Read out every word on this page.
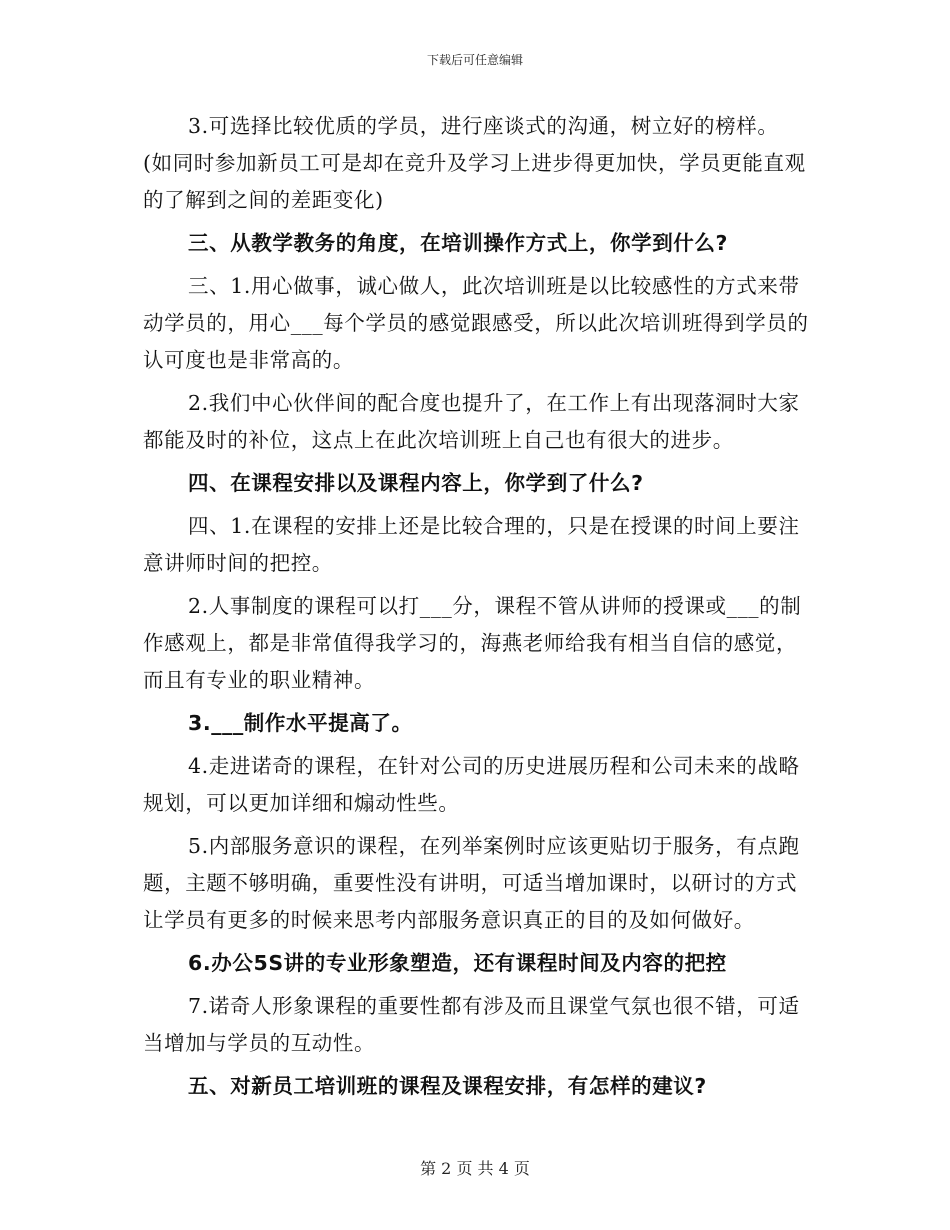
下载后可任意编辑

3.可选择比较优质的学员，进行座谈式的沟通，树立好的榜样。

(如同时参加新员工可是却在竞升及学习上进步得更加快，学员更能直观的了解到之间的差距变化)

三、从教学教务的角度，在培训操作方式上，你学到什么?

三、1.用心做事，诚心做人，此次培训班是以比较感性的方式来带动学员的，用心___每个学员的感觉跟感受，所以此次培训班得到学员的认可度也是非常高的。

2.我们中心伙伴间的配合度也提升了，在工作上有出现落洞时大家都能及时的补位，这点上在此次培训班上自己也有很大的进步。

四、在课程安排以及课程内容上，你学到了什么?

四、1.在课程的安排上还是比较合理的，只是在授课的时间上要注意讲师时间的把控。

2.人事制度的课程可以打___分，课程不管从讲师的授课或___的制作感观上，都是非常值得我学习的，海燕老师给我有相当自信的感觉，而且有专业的职业精神。

3.___制作水平提高了。

4.走进诺奇的课程，在针对公司的历史进展历程和公司未来的战略规划，可以更加详细和煽动性些。

5.内部服务意识的课程，在列举案例时应该更贴切于服务，有点跑题，主题不够明确，重要性没有讲明，可适当增加课时，以研讨的方式让学员有更多的时候来思考内部服务意识真正的目的及如何做好。

6.办公5S讲的专业形象塑造，还有课程时间及内容的把控

7.诺奇人形象课程的重要性都有涉及而且课堂气氛也很不错，可适当增加与学员的互动性。

五、对新员工培训班的课程及课程安排，有怎样的建议?

第 2 页 共 4 页
